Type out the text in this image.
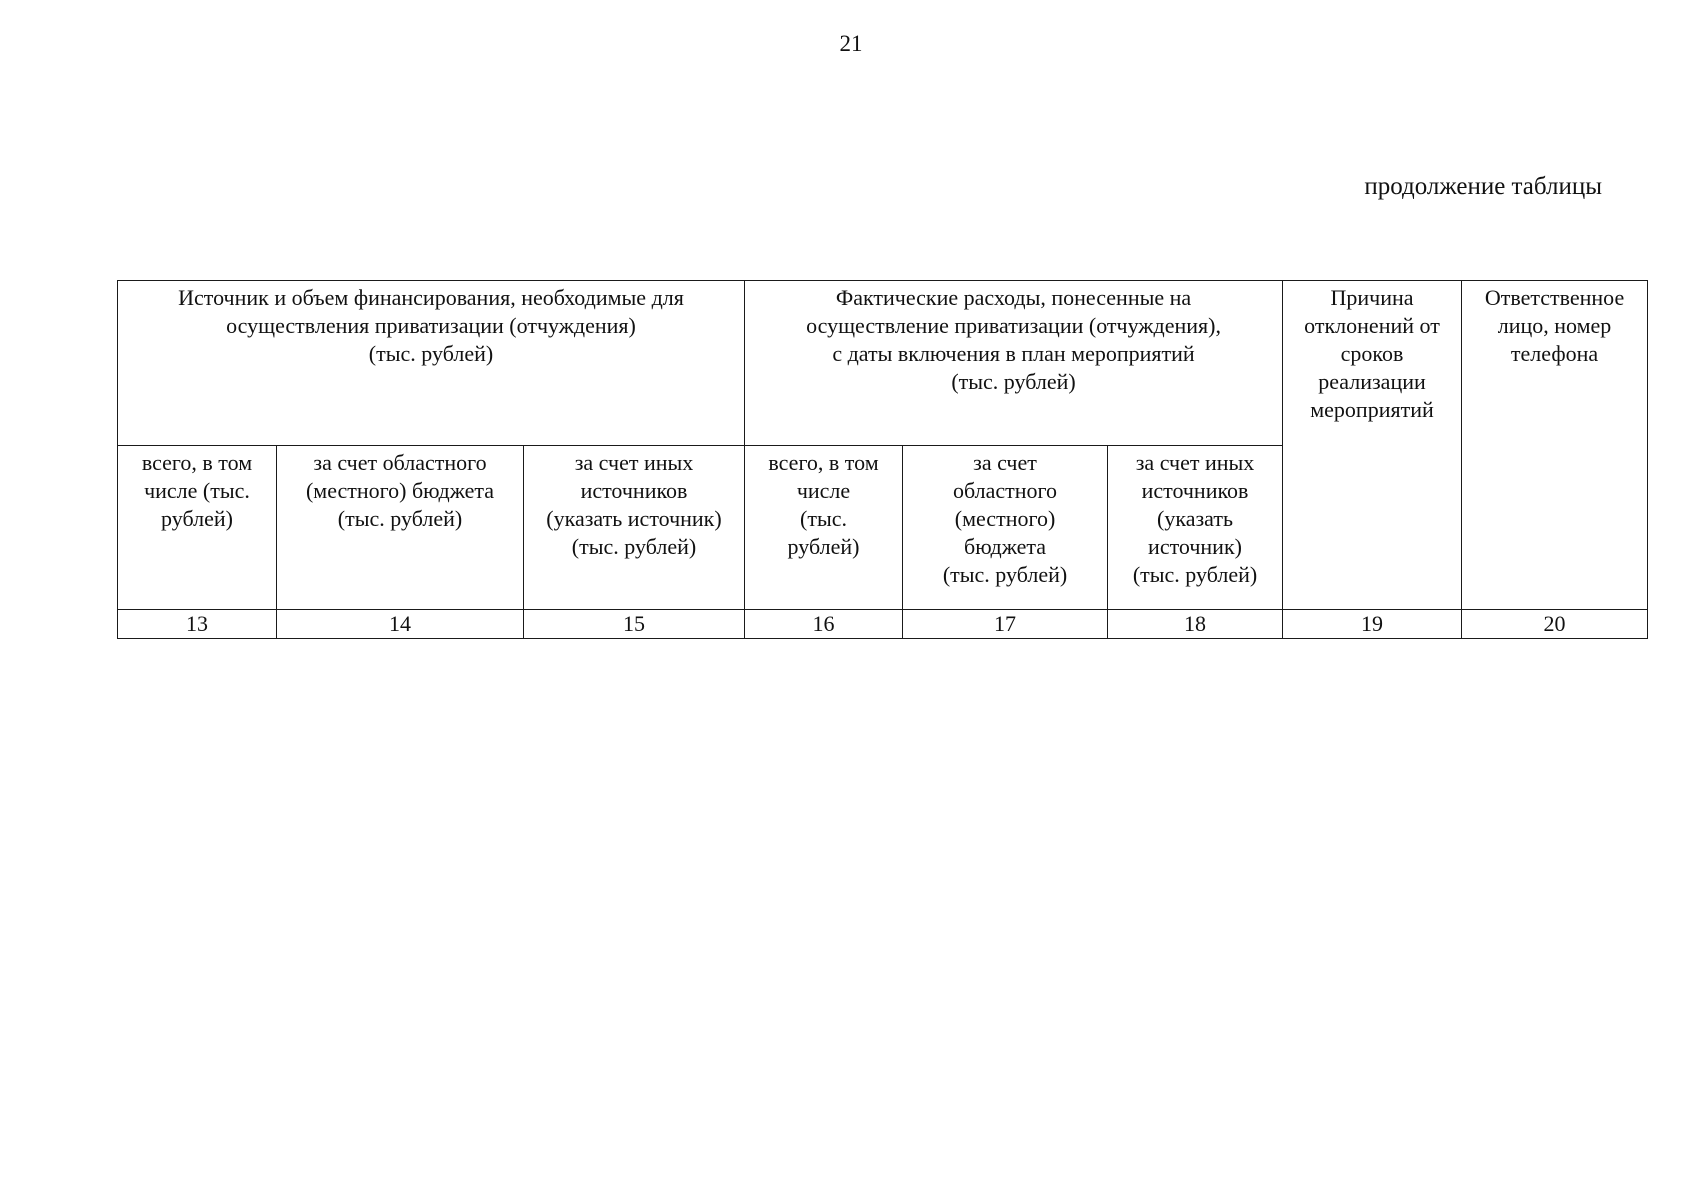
21
продолжение таблицы
Источник и объем финансирования, необходимые для
осуществления приватизации (отчуждения)
(тыс. рублей)			Фактические расходы, понесенные на
осуществление приватизации (отчуждения),
с даты включения в план мероприятий
(тыс. рублей)			Причина
отклонений от
сроков
реализации
мероприятий	Ответственное
лицо, номер
телефона
всего, в том
числе (тыс.
рублей)	за счет областного
(местного) бюджета
(тыс. рублей)	за счет иных
источников
(указать источник)
(тыс. рублей)	всего, в том
числе
(тыс.
рублей)	за счет
областного
(местного)
бюджета
(тыс. рублей)	за счет иных
источников
(указать
источник)
(тыс. рублей)		
13	14	15	16	17	18	19	20
